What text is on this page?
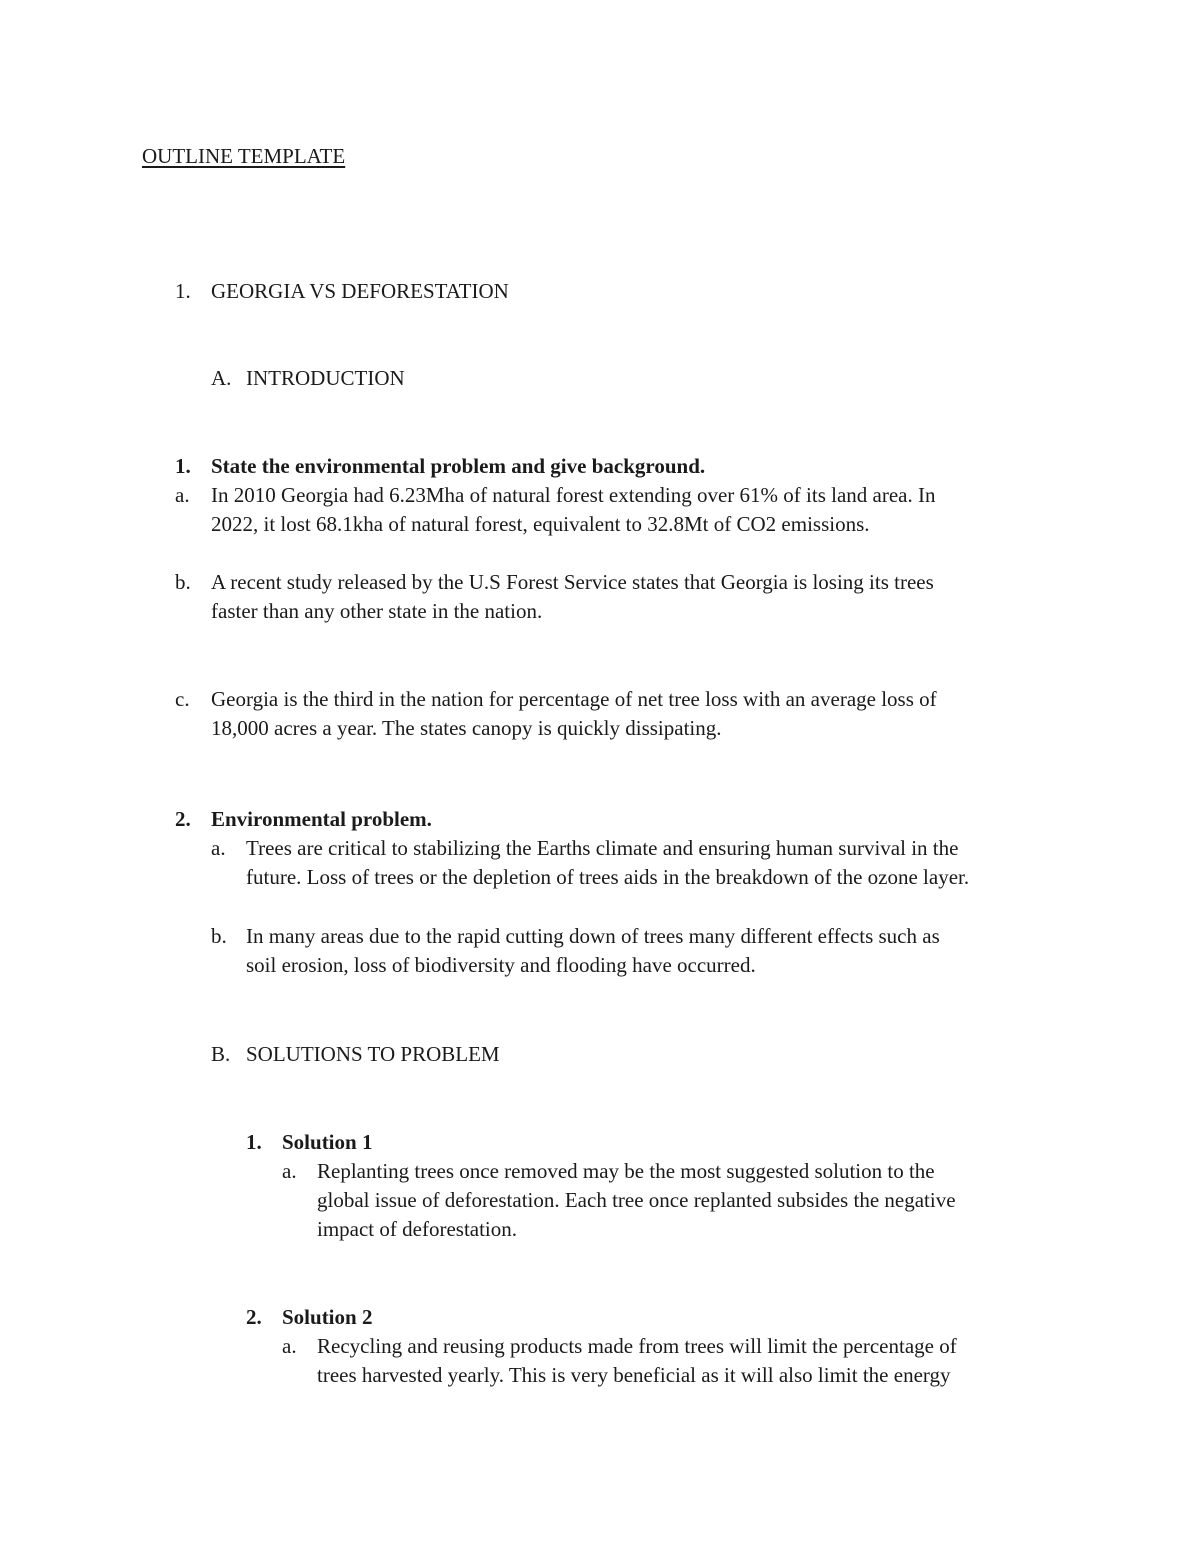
OUTLINE TEMPLATE
1. GEORGIA VS DEFORESTATION
A. INTRODUCTION
1. State the environmental problem and give background.
a. In 2010 Georgia had 6.23Mha of natural forest extending over 61% of its land area. In
2022, it lost 68.1kha of natural forest, equivalent to 32.8Mt of CO2 emissions.
b. A recent study released by the U.S Forest Service states that Georgia is losing its trees
faster than any other state in the nation.
c. Georgia is the third in the nation for percentage of net tree loss with an average loss of
18,000 acres a year. The states canopy is quickly dissipating.
2. Environmental problem.
a. Trees are critical to stabilizing the Earths climate and ensuring human survival in the
future. Loss of trees or the depletion of trees aids in the breakdown of the ozone layer.
b. In many areas due to the rapid cutting down of trees many different effects such as
soil erosion, loss of biodiversity and flooding have occurred.
B. SOLUTIONS TO PROBLEM
1. Solution 1
a. Replanting trees once removed may be the most suggested solution to the
global issue of deforestation. Each tree once replanted subsides the negative
impact of deforestation.
2. Solution 2
a. Recycling and reusing products made from trees will limit the percentage of
trees harvested yearly. This is very beneficial as it will also limit the energy
